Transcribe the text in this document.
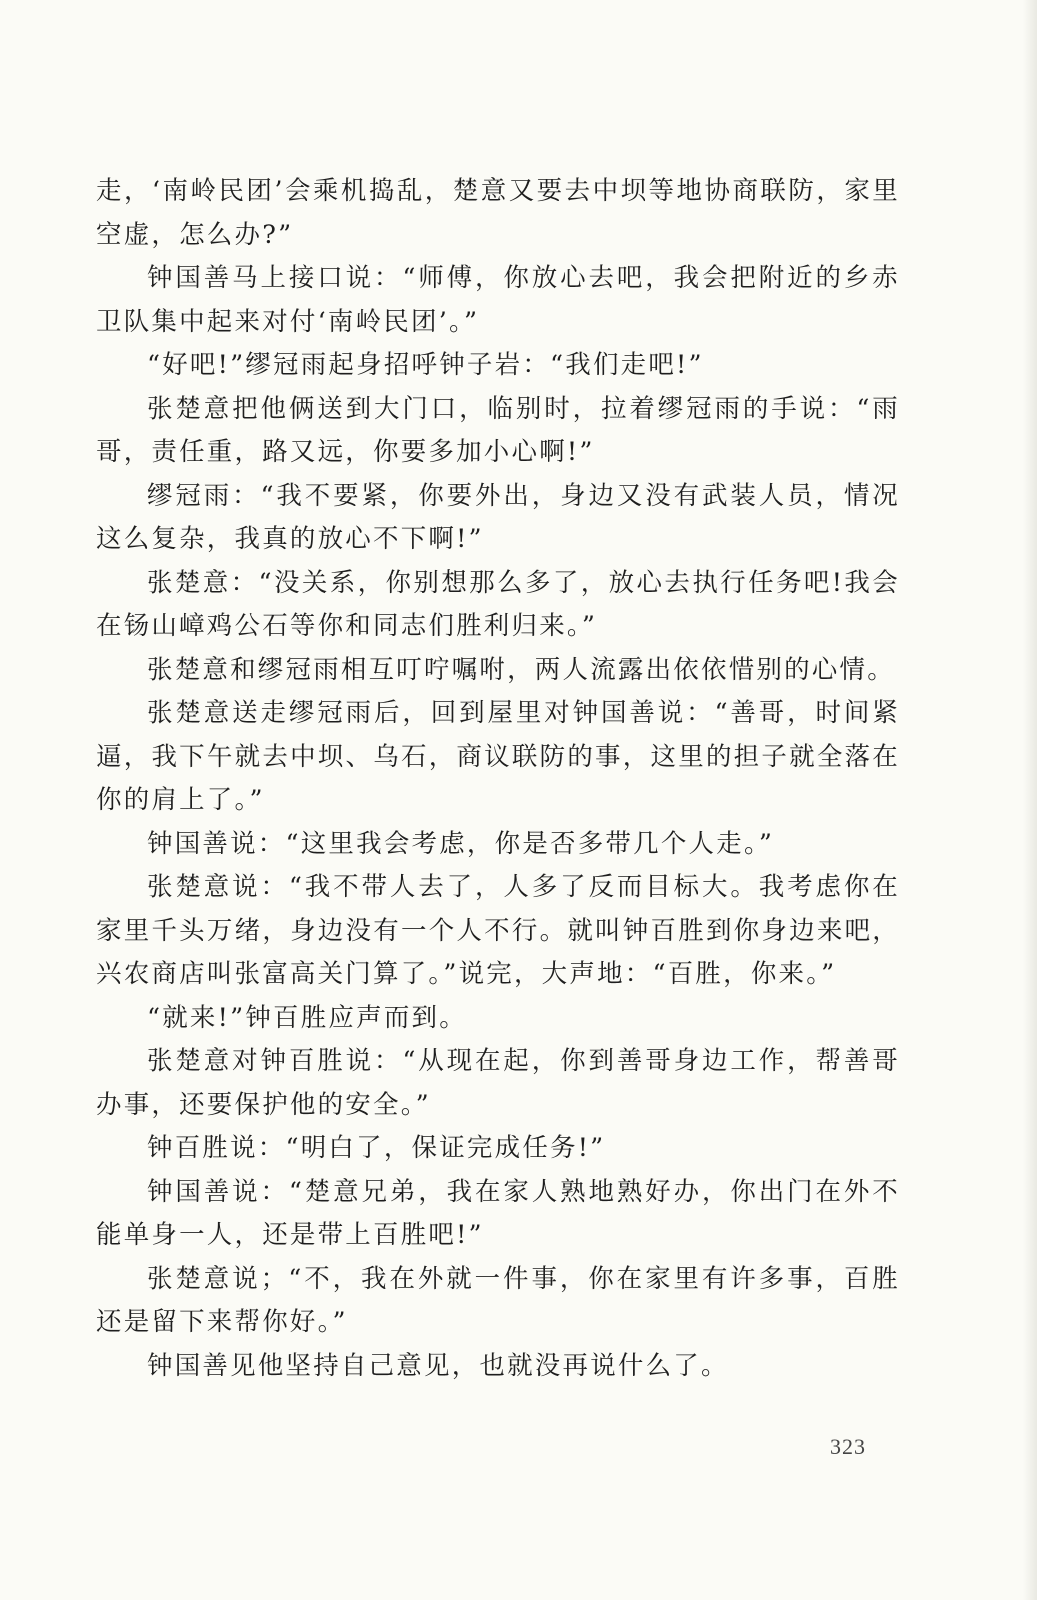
走，‘南岭民团’会乘机捣乱，楚意又要去中坝等地协商联防，家里空虚，怎么办?”

钟国善马上接口说：“师傅，你放心去吧，我会把附近的乡赤卫队集中起来对付‘南岭民团’。”

“好吧!”缪冠雨起身招呼钟子岩：“我们走吧!”

张楚意把他俩送到大门口，临别时，拉着缪冠雨的手说：“雨哥，责任重，路又远，你要多加小心啊!”

缪冠雨：“我不要紧，你要外出，身边又没有武装人员，情况这么复杂，我真的放心不下啊!”

张楚意：“没关系，你别想那么多了，放心去执行任务吧!我会在钖山嶂鸡公石等你和同志们胜利归来。”

张楚意和缪冠雨相互叮咛嘱咐，两人流露出依依惜别的心情。

张楚意送走缪冠雨后，回到屋里对钟国善说：“善哥，时间紧逼，我下午就去中坝、乌石，商议联防的事，这里的担子就全落在你的肩上了。”

钟国善说：“这里我会考虑，你是否多带几个人走。”

张楚意说：“我不带人去了，人多了反而目标大。我考虑你在家里千头万绪，身边没有一个人不行。就叫钟百胜到你身边来吧，兴农商店叫张富高关门算了。”说完，大声地：“百胜，你来。”

“就来!”钟百胜应声而到。

张楚意对钟百胜说：“从现在起，你到善哥身边工作，帮善哥办事，还要保护他的安全。”

钟百胜说：“明白了，保证完成任务!”

钟国善说：“楚意兄弟，我在家人熟地熟好办，你出门在外不能单身一人，还是带上百胜吧!”

张楚意说；“不，我在外就一件事，你在家里有许多事，百胜还是留下来帮你好。”

钟国善见他坚持自己意见，也就没再说什么了。

323
